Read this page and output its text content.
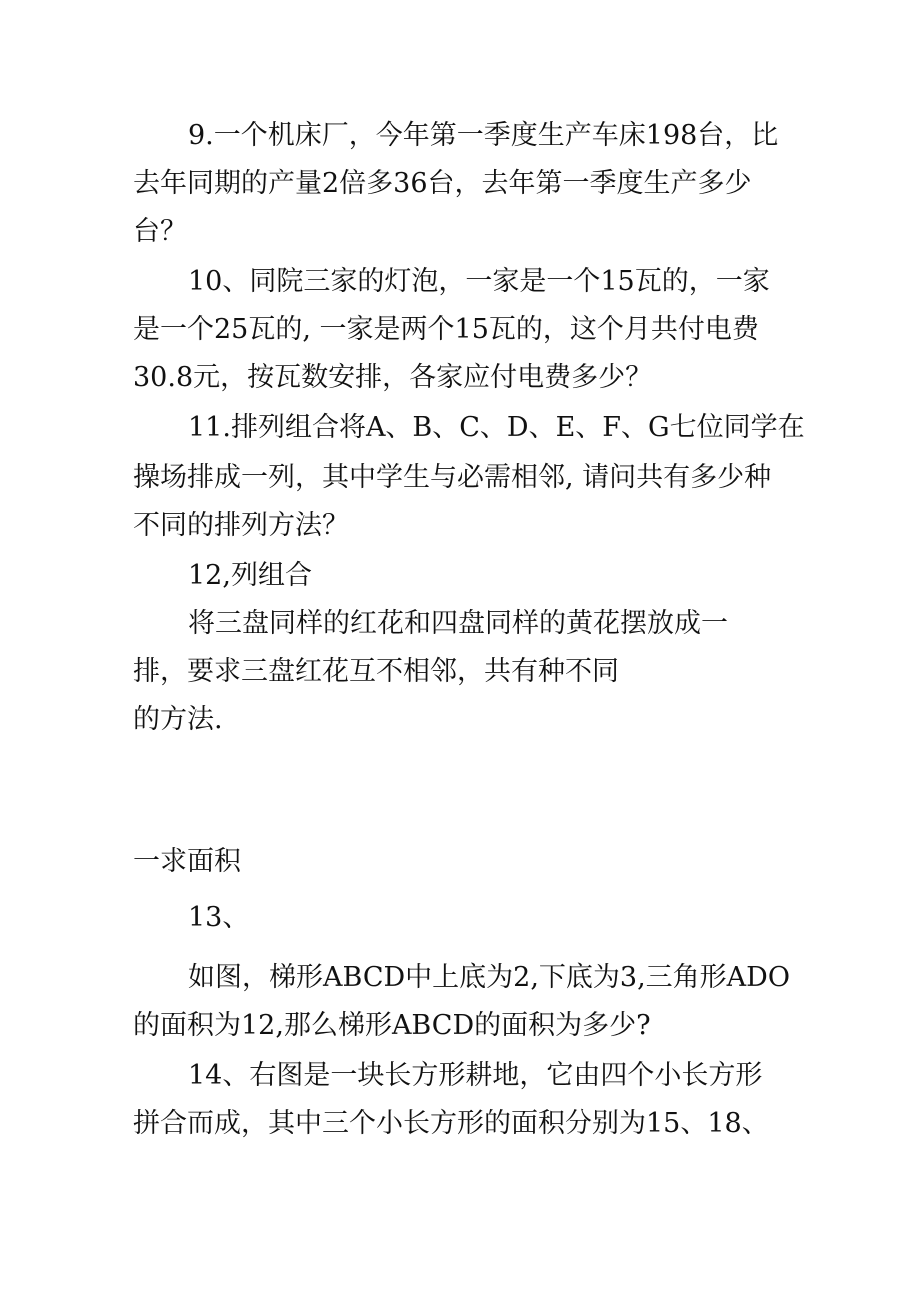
9.一个机床厂，今年第一季度生产车床198台，比
去年同期的产量2倍多36台，去年第一季度生产多少
台？
10、同院三家的灯泡，一家是一个15瓦的，一家
是一个25瓦的, 一家是两个15瓦的，这个月共付电费
30.8元，按瓦数安排，各家应付电费多少？
11.排列组合将A、B、C、D、E、F、G七位同学在
操场排成一列，其中学生与必需相邻, 请问共有多少种
不同的排列方法？
12,列组合
将三盘同样的红花和四盘同样的黄花摆放成一
排，要求三盘红花互不相邻，共有种不同
的方法.
一求面积
13、
如图，梯形ABCD中上底为2,下底为3,三角形ADO
的面积为12,那么梯形ABCD的面积为多少?
14、右图是一块长方形耕地，它由四个小长方形
拼合而成，其中三个小长方形的面积分别为15、18、
